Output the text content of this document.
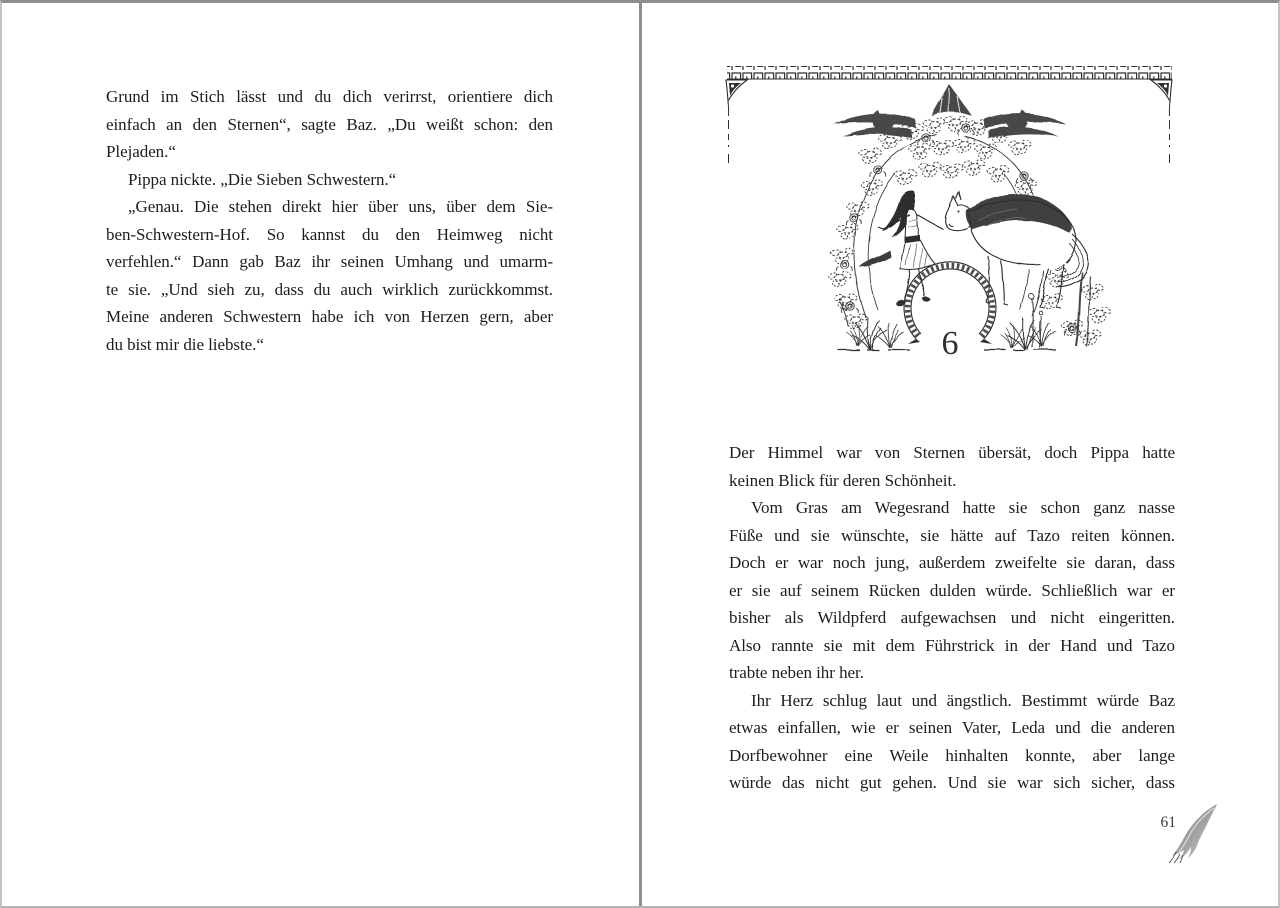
Grund im Stich lässt und du dich verirrst, orientiere dich
einfach an den Sternen“, sagte Baz. „Du weißt schon: den
Plejaden.“
Pippa nickte. „Die Sieben Schwestern.“
„Genau. Die stehen direkt hier über uns, über dem Sie-
ben-Schwestern-Hof. So kannst du den Heimweg nicht
verfehlen.“ Dann gab Baz ihr seinen Umhang und umarm-
te sie. „Und sieh zu, dass du auch wirklich zurückkommst.
Meine anderen Schwestern habe ich von Herzen gern, aber
du bist mir die liebste.“	6
Der Himmel war von Sternen übersät, doch Pippa hatte
keinen Blick für deren Schönheit.
Vom Gras am Wegesrand hatte sie schon ganz nasse
Füße und sie wünschte, sie hätte auf Tazo reiten können.
Doch er war noch jung, außerdem zweifelte sie daran, dass
er sie auf seinem Rücken dulden würde. Schließlich war er
bisher als Wildpferd aufgewachsen und nicht eingeritten.
Also rannte sie mit dem Führstrick in der Hand und Tazo
trabte neben ihr her.
Ihr Herz schlug laut und ängstlich. Bestimmt würde Baz
etwas einfallen, wie er seinen Vater, Leda und die anderen
Dorfbewohner eine Weile hinhalten konnte, aber lange
würde das nicht gut gehen. Und sie war sich sicher, dass
61
